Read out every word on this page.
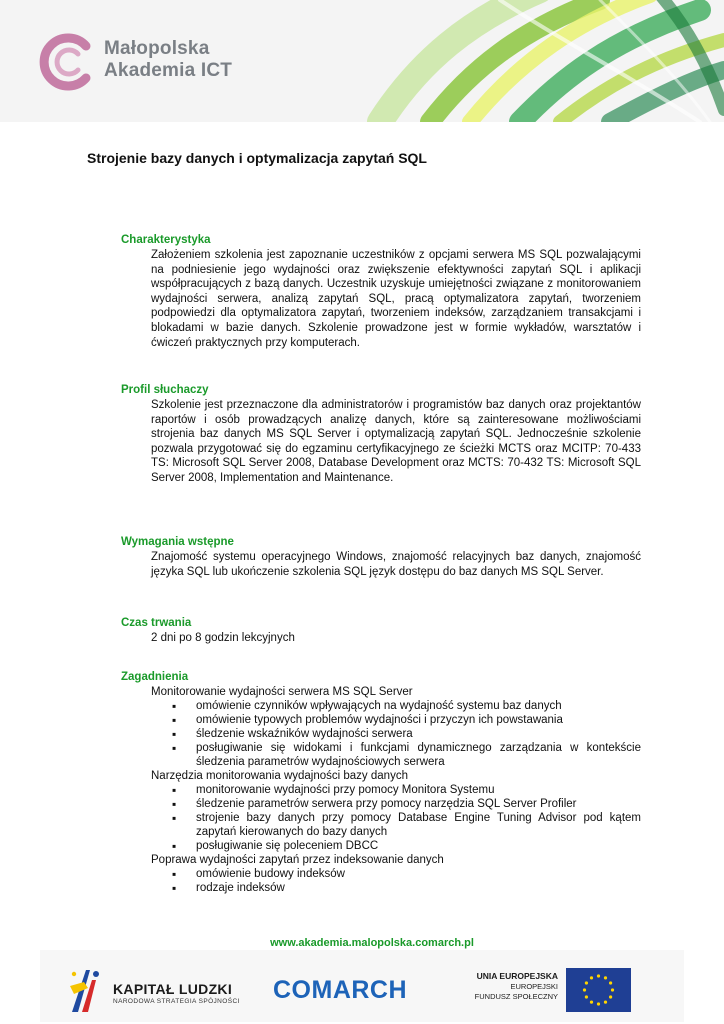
Małopolska
Akademia ICT
Strojenie bazy danych i optymalizacja zapytań SQL
Charakterystyka
Założeniem szkolenia jest zapoznanie uczestników z opcjami serwera MS SQL pozwalającymi na podniesienie jego wydajności oraz zwiększenie efektywności zapytań SQL i aplikacji współpracujących z bazą danych. Uczestnik uzyskuje umiejętności związane z monitorowaniem wydajności serwera, analizą zapytań SQL, pracą optymalizatora zapytań, tworzeniem podpowiedzi dla optymalizatora zapytań, tworzeniem indeksów, zarządzaniem transakcjami i blokadami w bazie danych. Szkolenie prowadzone jest w formie wykładów, warsztatów i ćwiczeń praktycznych przy komputerach.
Profil słuchaczy
Szkolenie jest przeznaczone dla administratorów i programistów baz danych oraz projektantów raportów i osób prowadzących analizę danych, które są zainteresowane możliwościami strojenia baz danych MS SQL Server i optymalizacją zapytań SQL. Jednocześnie szkolenie pozwala przygotować się do egzaminu certyfikacyjnego ze ścieżki MCTS oraz MCITP: 70-433 TS: Microsoft SQL Server 2008, Database Development oraz MCTS: 70-432 TS: Microsoft SQL Server 2008, Implementation and Maintenance.
Wymagania wstępne
Znajomość systemu operacyjnego Windows, znajomość relacyjnych baz danych, znajomość języka SQL lub ukończenie szkolenia SQL język dostępu do baz danych MS SQL Server.
Czas trwania
2 dni po 8 godzin lekcyjnych
Zagadnienia
Monitorowanie wydajności serwera MS SQL Server
▪ omówienie czynników wpływających na wydajność systemu baz danych
▪ omówienie typowych problemów wydajności i przyczyn ich powstawania
▪ śledzenie wskaźników wydajności serwera
▪ posługiwanie się widokami i funkcjami dynamicznego zarządzania w kontekście śledzenia parametrów wydajnościowych serwera
Narzędzia monitorowania wydajności bazy danych
▪ monitorowanie wydajności przy pomocy Monitora Systemu
▪ śledzenie parametrów serwera przy pomocy narzędzia SQL Server Profiler
▪ strojenie bazy danych przy pomocy Database Engine Tuning Advisor pod kątem zapytań kierowanych do bazy danych
▪ posługiwanie się poleceniem DBCC
Poprawa wydajności zapytań przez indeksowanie danych
▪ omówienie budowy indeksów
▪ rodzaje indeksów
www.akademia.malopolska.comarch.pl
KAPITAŁ LUDZKI
NARODOWA STRATEGIA SPÓJNOŚCI COMARCH	UNIA EUROPEJSKA
EUROPEJSKI
FUNDUSZ SPOŁECZNY
